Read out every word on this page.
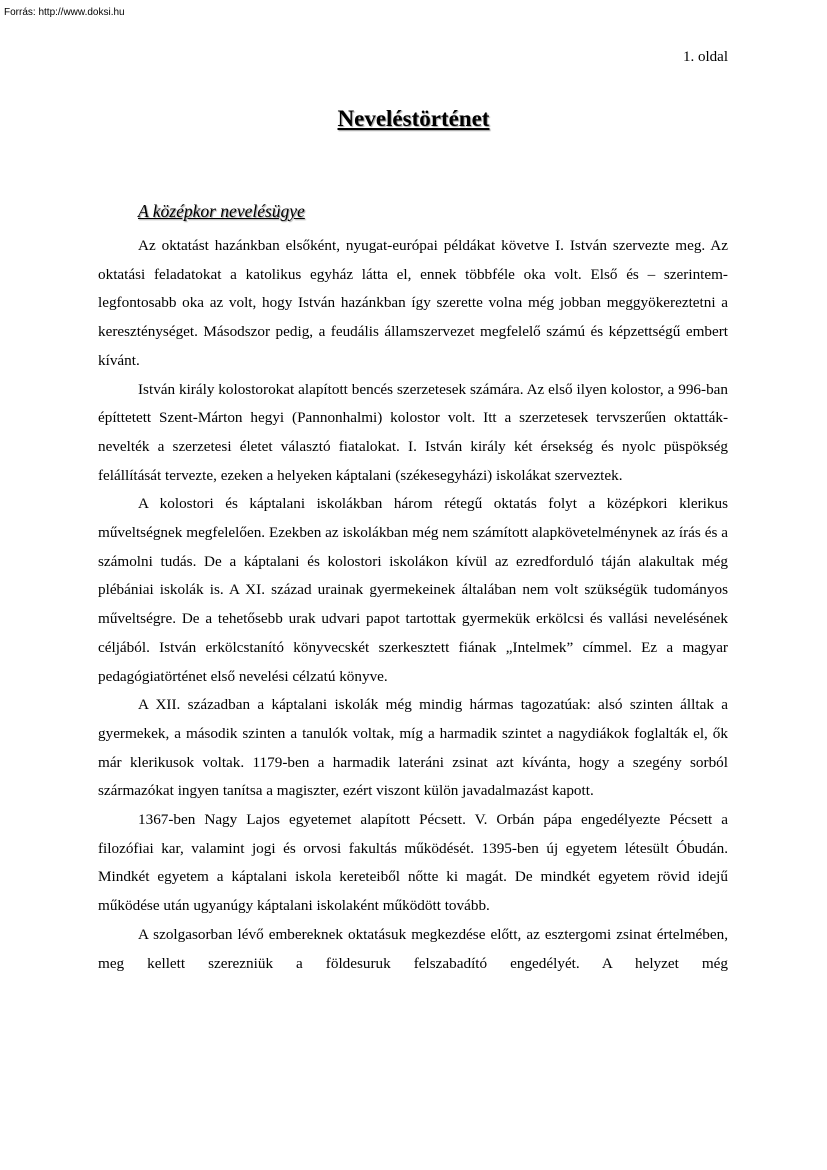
Forrás: http://www.doksi.hu
1. oldal
Neveléstörténet
A középkor nevelésügye

Az oktatást hazánkban elsőként, nyugat-európai példákat követve I. István szervezte meg. Az oktatási feladatokat a katolikus egyház látta el, ennek többféle oka volt. Első és – szerintem- legfontosabb oka az volt, hogy István hazánkban így szerette volna még jobban meggyökereztetni a kereszténységet. Másodszor pedig, a feudális államszervezet megfelelő számú és képzettségű embert kívánt.

István király kolostorokat alapított bencés szerzetesek számára. Az első ilyen kolostor, a 996-ban építtetett Szent-Márton hegyi (Pannonhalmi) kolostor volt. Itt a szerzetesek tervszerűen oktatták-nevelték a szerzetesi életet választó fiatalokat. I. István király két érsekség és nyolc püspökség felállítását tervezte, ezeken a helyeken káptalani (székesegyházi) iskolákat szerveztek.

A kolostori és káptalani iskolákban három rétegű oktatás folyt a középkori klerikus műveltségnek megfelelően. Ezekben az iskolákban még nem számított alapkövetelménynek az írás és a számolni tudás. De a káptalani és kolostori iskolákon kívül az ezredforduló táján alakultak még plébániai iskolák is. A XI. század urainak gyermekeinek általában nem volt szükségük tudományos műveltségre. De a tehetősebb urak udvari papot tartottak gyermekük erkölcsi és vallási nevelésének céljából. István erkölcstanító könyvecskét szerkesztett fiának „Intelmek” címmel. Ez a magyar pedagógiatörténet első nevelési célzatú könyve.

A XII. században a káptalani iskolák még mindig hármas tagozatúak: alsó szinten álltak a gyermekek, a második szinten a tanulók voltak, míg a harmadik szintet a nagydiákok foglalták el, ők már klerikusok voltak. 1179-ben a harmadik lateráni zsinat azt kívánta, hogy a szegény sorból származókat ingyen tanítsa a magiszter, ezért viszont külön javadalmazást kapott.

1367-ben Nagy Lajos egyetemet alapított Pécsett. V. Orbán pápa engedélyezte Pécsett a filozófiai kar, valamint jogi és orvosi fakultás működését. 1395-ben új egyetem létesült Óbudán. Mindkét egyetem a káptalani iskola kereteiből nőtte ki magát. De mindkét egyetem rövid idejű működése után ugyanúgy káptalani iskolaként működött tovább.

A szolgasorban lévő embereknek oktatásuk megkezdése előtt, az esztergomi zsinat értelmében, meg kellett szerezniük a földesuruk felszabadító engedélyét. A helyzet még
